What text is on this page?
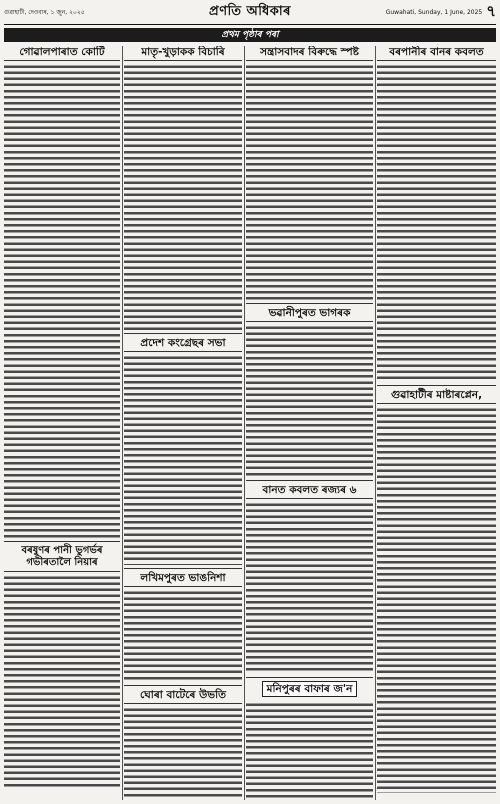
গুৱাহাটী, দেওবাৰ, ১ জুন, ২০২৫	প্ৰণতি অধিকাৰ	Guwahati, Sunday, 1 June, 2025 ৭
প্ৰথম পৃষ্ঠাৰ পৰা
গোৱালপাৰাত কোটি
বৰষুণৰ পানী ভুগৰ্ভৰ গভীৰতালৈ নিয়াৰ
মাতৃ-খুড়াকক বিচাৰি
প্ৰদেশ কংগ্ৰেছৰ সভা
লখিমপুৰত ভাঙনিশা
ঘোৰা বাটেৰে উভতি
সন্ত্ৰাসবাদৰ বিৰুদ্ধে স্পষ্ট
ভৱানীপুৰত ভাগৰক
বানত কবলত ৰজ্যৰ ৬
মনিপুৰৰ বাফাৰ জ'ন
বৰপানীৰ বানৰ কবলত
গুৱাহাটীৰ মাষ্টাৰপ্লেন,
